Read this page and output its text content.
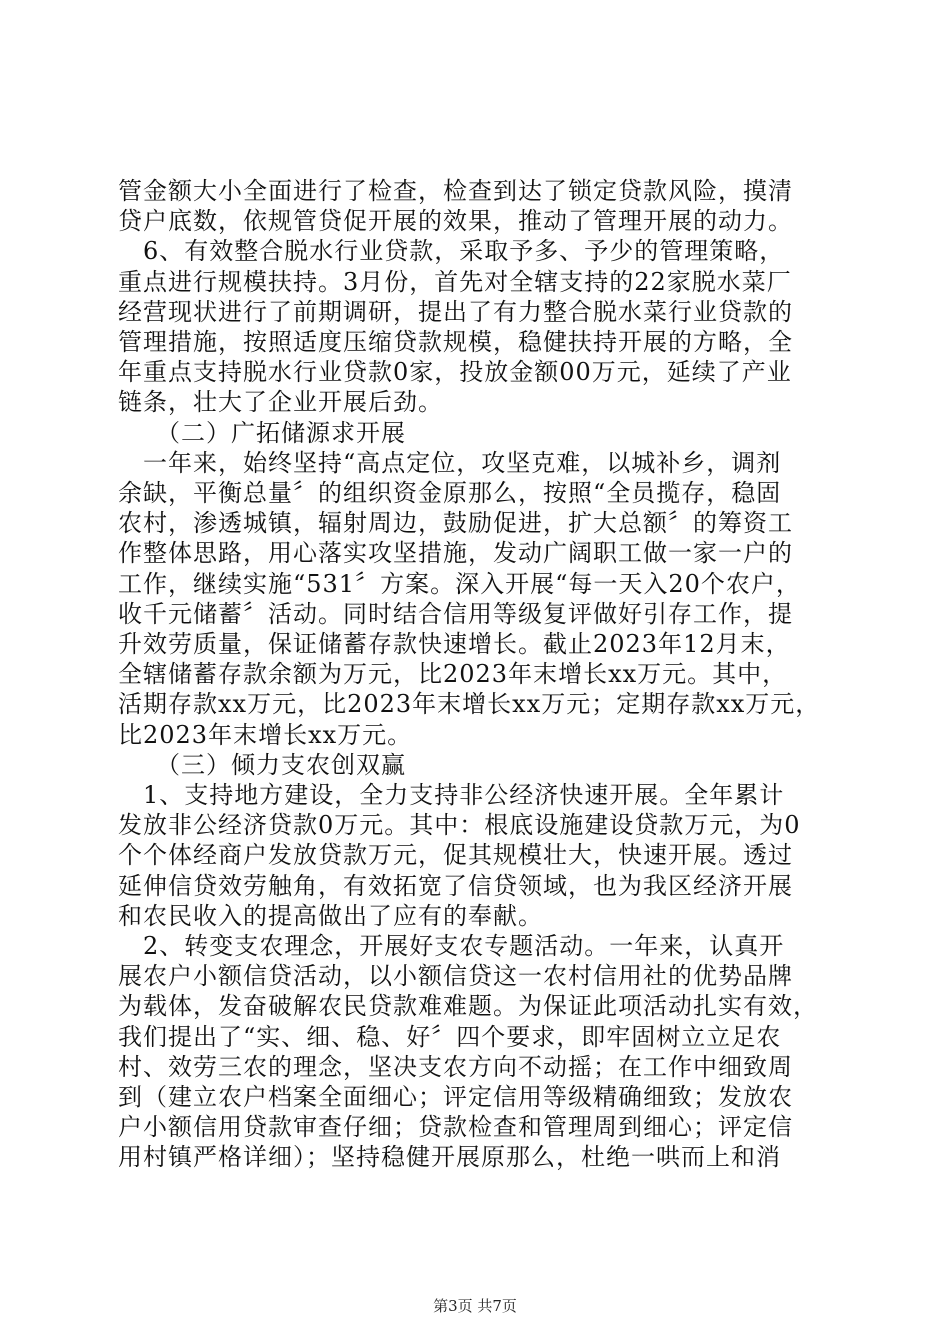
管金额大小全面进行了检查，检查到达了锁定贷款风险，摸清
贷户底数，依规管贷促开展的效果，推动了管理开展的动力。
　6、有效整合脱水行业贷款，采取予多、予少的管理策略，
重点进行规模扶持。3月份，首先对全辖支持的22家脱水菜厂
经营现状进行了前期调研，提出了有力整合脱水菜行业贷款的
管理措施，按照适度压缩贷款规模，稳健扶持开展的方略，全
年重点支持脱水行业贷款0家，投放金额00万元，延续了产业
链条，壮大了企业开展后劲。
　　（二）广拓储源求开展
　一年来，始终坚持“高点定位，攻坚克难，以城补乡，调剂
余缺，平衡总量〞的组织资金原那么，按照“全员揽存，稳固
农村，渗透城镇，辐射周边，鼓励促进，扩大总额〞的筹资工
作整体思路，用心落实攻坚措施，发动广阔职工做一家一户的
工作，继续实施“531〞方案。深入开展“每一天入20个农户，
收千元储蓄〞活动。同时结合信用等级复评做好引存工作，提
升效劳质量，保证储蓄存款快速增长。截止2023年12月末，
全辖储蓄存款余额为万元，比2023年末增长xx万元。其中，
活期存款xx万元，比2023年末增长xx万元；定期存款xx万元，
比2023年末增长xx万元。
　　（三）倾力支农创双赢
　1、支持地方建设，全力支持非公经济快速开展。全年累计
发放非公经济贷款0万元。其中：根底设施建设贷款万元，为0
个个体经商户发放贷款万元，促其规模壮大，快速开展。透过
延伸信贷效劳触角，有效拓宽了信贷领域，也为我区经济开展
和农民收入的提高做出了应有的奉献。
　2、转变支农理念，开展好支农专题活动。一年来，认真开
展农户小额信贷活动，以小额信贷这一农村信用社的优势品牌
为载体，发奋破解农民贷款难难题。为保证此项活动扎实有效，
我们提出了“实、细、稳、好〞四个要求，即牢固树立立足农
村、效劳三农的理念，坚决支农方向不动摇；在工作中细致周
到（建立农户档案全面细心；评定信用等级精确细致；发放农
户小额信用贷款审查仔细；贷款检查和管理周到细心；评定信
用村镇严格详细）；坚持稳健开展原那么，杜绝一哄而上和消
第3页 共7页
